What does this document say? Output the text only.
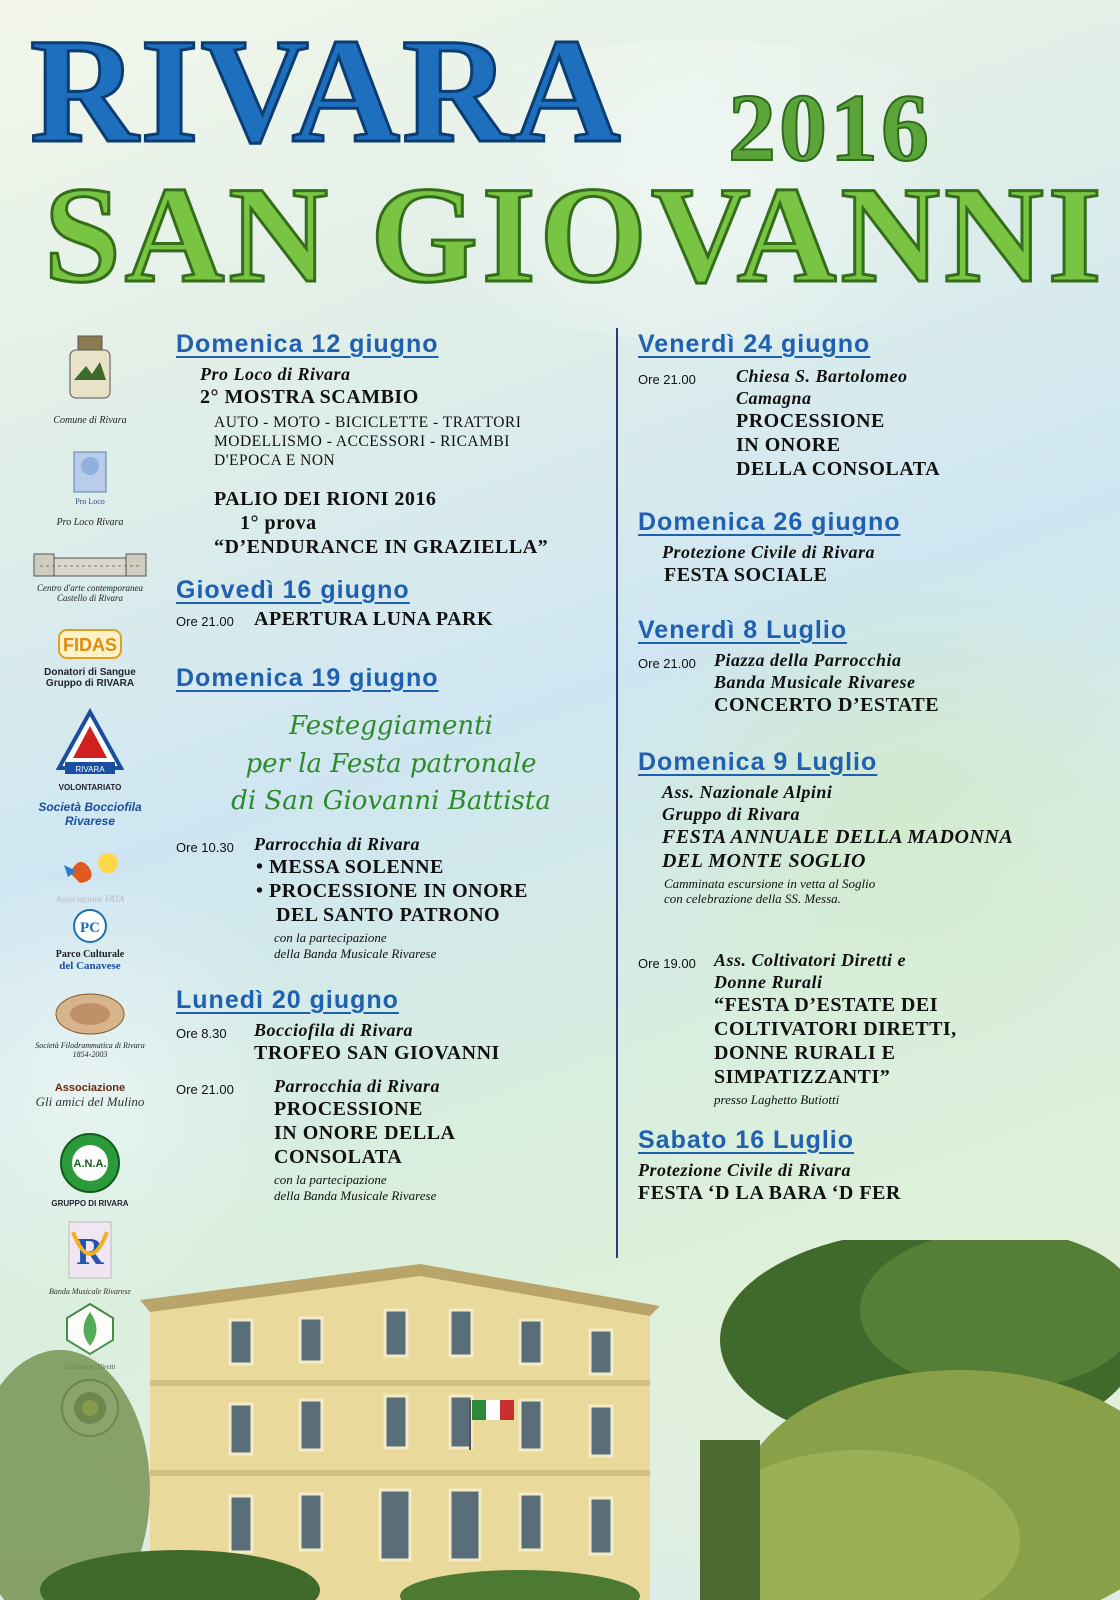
RIVARA 2016
SAN GIOVANNI
Comune di Rivara
Pro Loco
Pro Loco Rivara
Centro d'arte contemporanea
Castello di Rivara
FIDAS
Donatori di Sangue
Gruppo di RIVARA
RIVARA
VOLONTARIATO
Società Bocciofila
Rivarese
Associazione FATA
PC
Parco Culturale
del Canavese
Società Filodrammatica di Rivara
1854-2003
Associazione
Gli amici del Mulino
A.N.A.
GRUPPO DI RIVARA
Domenica 12 giugno
Pro Loco di Rivara
2° MOSTRA SCAMBIO
AUTO - MOTO - BICICLETTE - TRATTORI
MODELLISMO - ACCESSORI - RICAMBI
D'EPOCA E NON
PALIO DEI RIONI 2016
1° prova
“D’ENDURANCE IN GRAZIELLA”
Giovedì 16 giugno
Ore 21.00 APERTURA LUNA PARK
Domenica 19 giugno
Festeggiamenti
per la Festa patronale
di San Giovanni Battista
Ore 10.30 Parrocchia di Rivara
• MESSA SOLENNE
• PROCESSIONE IN ONORE
DEL SANTO PATRONO
con la partecipazione
della Banda Musicale Rivarese
Lunedì 20 giugno
Ore 8.30 Bocciofila di Rivara
TROFEO SAN GIOVANNI
Ore 21.00 Parrocchia di Rivara
PROCESSIONE
IN ONORE DELLA
CONSOLATA
con la partecipazione
della Banda Musicale Rivarese
Venerdì 24 giugno
Ore 21.00 Chiesa S. Bartolomeo
Camagna
PROCESSIONE
IN ONORE
DELLA CONSOLATA
Domenica 26 giugno
Protezione Civile di Rivara
FESTA SOCIALE
Venerdì 8 Luglio
Ore 21.00 Piazza della Parrocchia
Banda Musicale Rivarese
CONCERTO D’ESTATE
Domenica 9 Luglio
Ass. Nazionale Alpini
Gruppo di Rivara
FESTA ANNUALE DELLA MADONNA
DEL MONTE SOGLIO
Camminata escursione in vetta al Soglio
con celebrazione della SS. Messa.
Ore 19.00 Ass. Coltivatori Diretti e
Donne Rurali
“FESTA D’ESTATE DEI
COLTIVATORI DIRETTI,
DONNE RURALI E
SIMPATIZZANTI”
presso Laghetto Butiotti
Sabato 16 Luglio
Protezione Civile di Rivara
FESTA ‘D LA BARA ‘D FER
